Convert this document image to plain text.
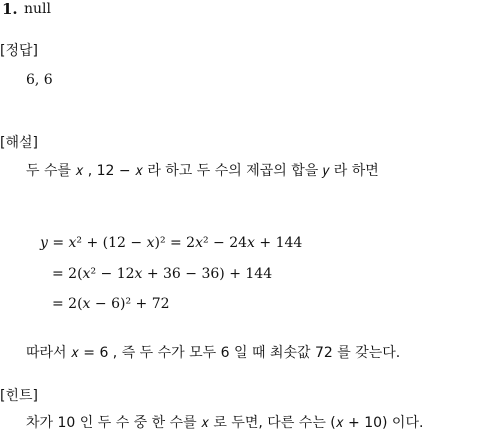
1. null
[정답]
6, 6
[해설]
두 수를 𝑥 , 12 − 𝑥 라 하고 두 수의 제곱의 합을 𝑦 라 하면
𝑦 = 𝑥² + (12 − 𝑥)² = 2𝑥² − 24𝑥 + 144
= 2(𝑥² − 12𝑥 + 36 − 36) + 144
= 2(𝑥 − 6)² + 72
따라서 𝑥 = 6 , 즉 두 수가 모두 6 일 때 최솟값 72 를 갖는다.
[힌트]
차가 10 인 두 수 중 한 수를 𝑥 로 두면, 다른 수는 (𝑥 + 10) 이다.
